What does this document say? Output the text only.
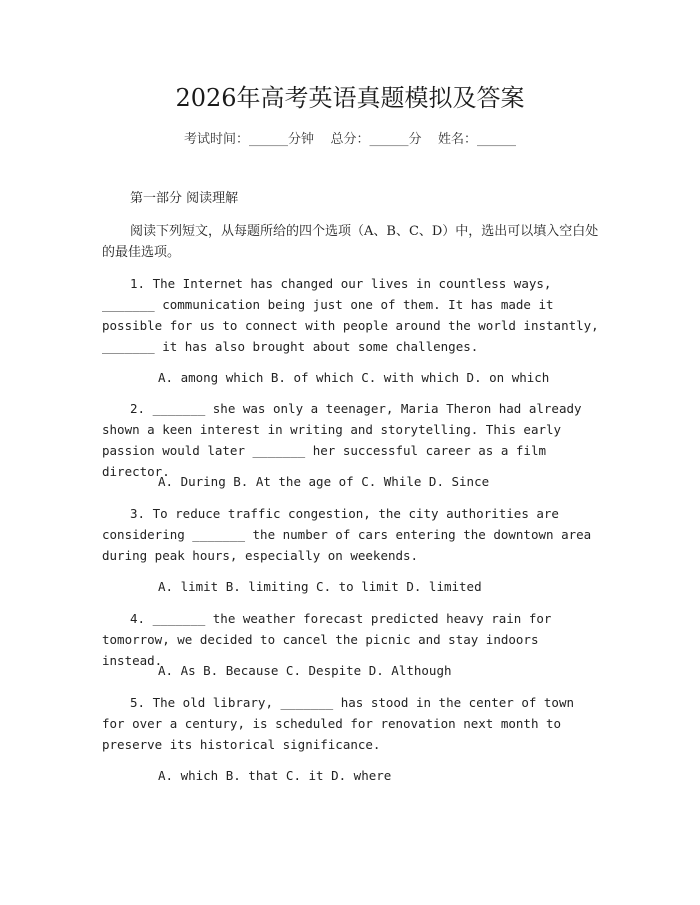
2026年高考英语真题模拟及答案
考试时间：______分钟    总分：______分    姓名：______
第一部分 阅读理解
阅读下列短文，从每题所给的四个选项（A、B、C、D）中，选出可以填入空白处的最佳选项。
1. The Internet has changed our lives in countless ways, _______ communication being just one of them. It has made it possible for us to connect with people around the world instantly, _______ it has also brought about some challenges.
A. among which B. of which C. with which D. on which
2. _______ she was only a teenager, Maria Theron had already shown a keen interest in writing and storytelling. This early passion would later _______ her successful career as a film director.
A. During B. At the age of C. While D. Since
3. To reduce traffic congestion, the city authorities are considering _______ the number of cars entering the downtown area during peak hours, especially on weekends.
A. limit B. limiting C. to limit D. limited
4. _______ the weather forecast predicted heavy rain for tomorrow, we decided to cancel the picnic and stay indoors instead.
A. As B. Because C. Despite D. Although
5. The old library, _______ has stood in the center of town for over a century, is scheduled for renovation next month to preserve its historical significance.
A. which B. that C. it D. where
